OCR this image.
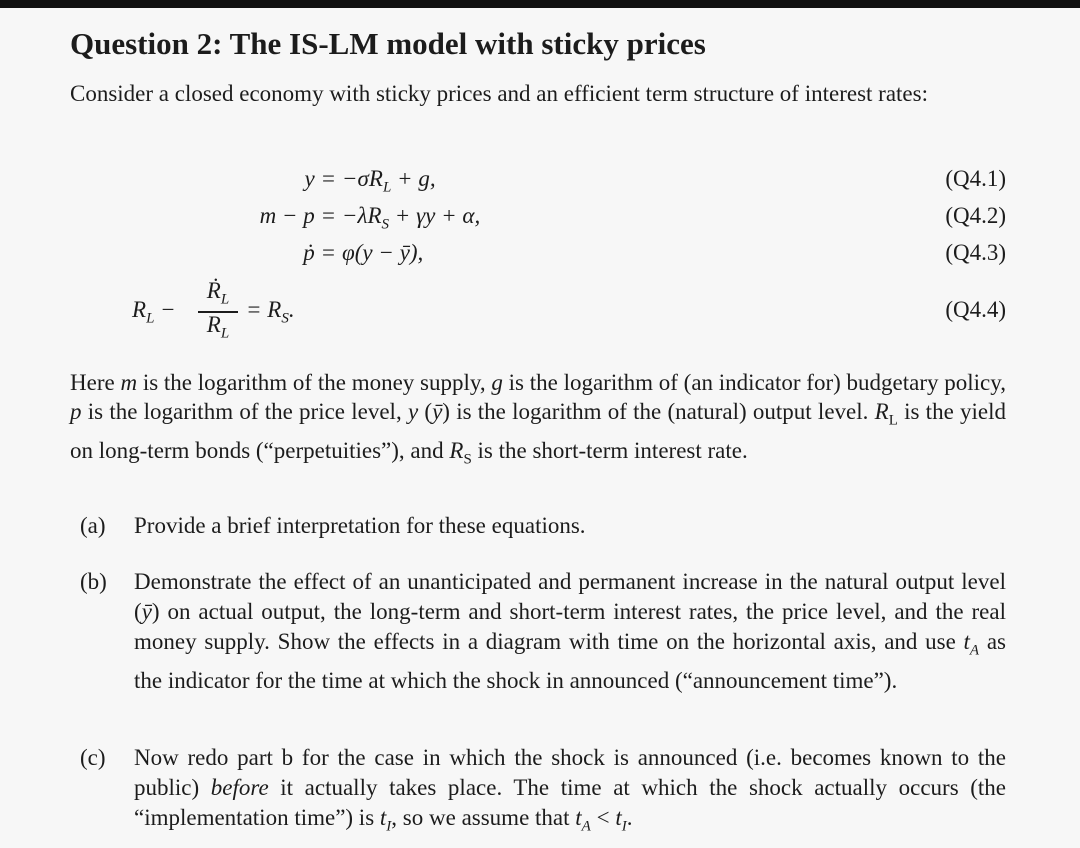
Question 2: The IS-LM model with sticky prices
Consider a closed economy with sticky prices and an efficient term structure of interest rates:
$y = -\sigma R_L + g$,	(Q4.1)
$m - p = -\lambda R_S + \gamma y + \alpha$,	(Q4.2)
ṗ = φ(y − ȳ),	(Q4.3)
$R_L$ −
Ṙ$_L$
$R_L$
= $R_S$.	(Q4.4)
Here m is the logarithm of the money supply, g is the logarithm of (an indicator for) budgetary policy, p is the logarithm of the price level, y (ȳ) is the logarithm of the (natural) output level. $R_L$ is the yield on long-term bonds (“perpetuities”), and $R_S$ is the short-term interest rate.
(a) Provide a brief interpretation for these equations.
(b) Demonstrate the effect of an unanticipated and permanent increase in the natural output level (ȳ) on actual output, the long-term and short-term interest rates, the price level, and the real money supply. Show the effects in a diagram with time on the horizontal axis, and use $t_A$ as the indicator for the time at which the shock in announced (“announcement time”).
(c) Now redo part b for the case in which the shock is announced (i.e. becomes known to the public) before it actually takes place. The time at which the shock actually occurs (the “implementation time”) is $t_I$, so we assume that $t_A < t_I$.
